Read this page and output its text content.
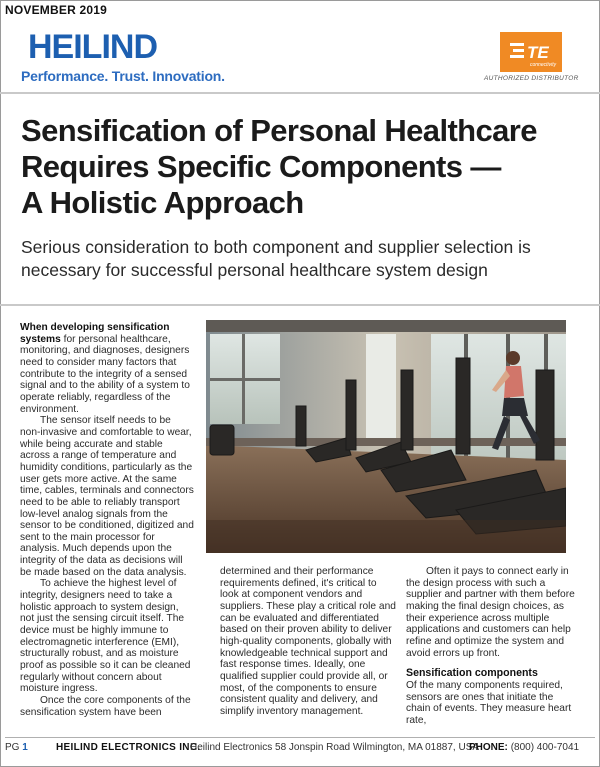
NOVEMBER 2019
HEILIND
Performance. Trust. Innovation.
TE
connectivity
AUTHORIZED DISTRIBUTOR
Sensification of Personal Healthcare
Requires Specific Components —
A Holistic Approach
Serious consideration to both component and supplier selection is necessary for successful personal healthcare system design

When developing sensification systems for personal healthcare, monitoring, and diagnoses, designers need to consider many factors that contribute to the integrity of a sensed signal and to the ability of a system to operate reliably, regardless of the environment.

The sensor itself needs to be non-invasive and comfortable to wear, while being accurate and stable across a range of temperature and humidity conditions, particularly as the user gets more active. At the same time, cables, terminals and connectors need to be able to reliably transport low-level analog signals from the sensor to be conditioned, digitized and sent to the main processor for analysis. Much depends upon the integrity of the data as decisions will be made based on the data analysis.

To achieve the highest level of integrity, designers need to take a holistic approach to system design, not just the sensing circuit itself. The device must be highly immune to electromagnetic interference (EMI), structurally robust, and as moisture proof as possible so it can be cleaned regularly without concern about moisture ingress.

Once the core components of the sensification system have been

determined and their performance requirements defined, it's critical to look at component vendors and suppliers. These play a critical role and can be evaluated and differentiated based on their proven ability to deliver high-quality components, globally with knowledgeable technical support and fast response times. Ideally, one qualified supplier could provide all, or most, of the components to ensure consistent quality and delivery, and simplify inventory management.

Often it pays to connect early in the design process with such a supplier and partner with them before making the final design choices, as their experience across multiple applications and customers can help refine and optimize the system and avoid errors up front.

Sensification components

Of the many components required, sensors are ones that initiate the chain of events. They measure heart rate,

PG 1	HEILIND ELECTRONICS INC.
Heilind Electronics 58 Jonspin Road Wilmington, MA 01887, USA
PHONE: (800) 400-7041
